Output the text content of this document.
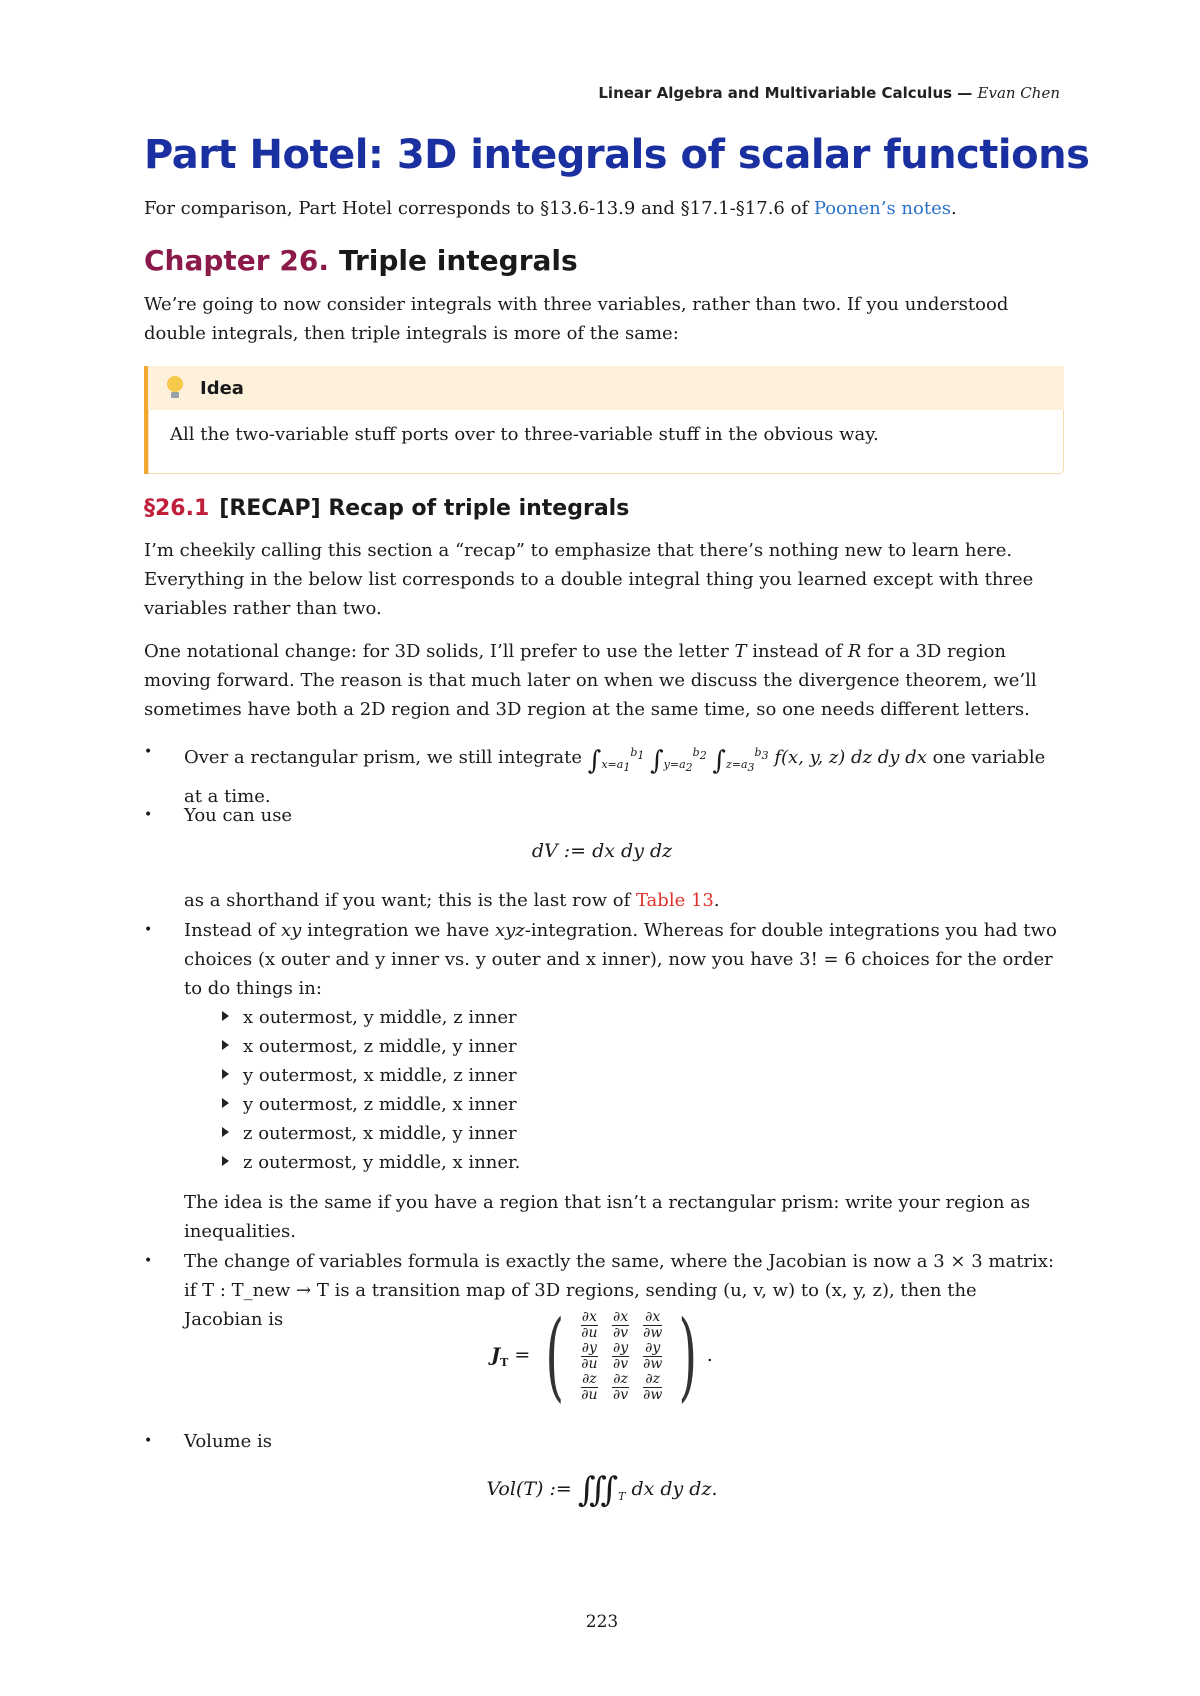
Linear Algebra and Multivariable Calculus — Evan Chen
Part Hotel: 3D integrals of scalar functions

For comparison, Part Hotel corresponds to §13.6-13.9 and §17.1-§17.6 of Poonen’s notes.

Chapter 26. Triple integrals

We’re going to now consider integrals with three variables, rather than two. If you understood double integrals, then triple integrals is more of the same:

Idea
All the two-variable stuff ports over to three-variable stuff in the obvious way.
§26.1 [RECAP] Recap of triple integrals

I’m cheekily calling this section a “recap” to emphasize that there’s nothing new to learn here. Everything in the below list corresponds to a double integral thing you learned except with three variables rather than two.

One notational change: for 3D solids, I’ll prefer to use the letter T instead of R for a 3D region moving forward. The reason is that much later on when we discuss the divergence theorem, we’ll sometimes have both a 2D region and 3D region at the same time, so one needs different letters.

• Over a rectangular prism, we still integrate $\int_{x=a_1}^{b_1}$ $\int_{y=a_2}^{b_2}$ $\int_{z=a_3}^{b_3}$ f(x, y, z) dz dy dx one variable at a time.
• You can use
dV := dx dy dz

as a shorthand if you want; this is the last row of Table 13.

• Instead of xy integration we have xyz-integration. Whereas for double integrations you had two choices (x outer and y inner vs. y outer and x inner), now you have 3! = 6 choices for the order to do things in:
x outermost, y middle, z inner
x outermost, z middle, y inner
y outermost, x middle, z inner
y outermost, z middle, x inner
z outermost, x middle, y inner
z outermost, y middle, x inner.

The idea is the same if you have a region that isn’t a rectangular prism: write your region as inequalities.

• The change of variables formula is exactly the same, where the Jacobian is now a 3 × 3 matrix: if T : T_new → T is a transition map of 3D regions, sending (u, v, w) to (x, y, z), then the Jacobian is
$J_T$ = ( $\frac{\partial x}{\partial u}$	$\frac{\partial x}{\partial v}$	$\frac{\partial x}{\partial w}$

$\frac{\partial y}{\partial u}$	$\frac{\partial y}{\partial v}$	$\frac{\partial y}{\partial w}$

$\frac{\partial z}{\partial u}$	$\frac{\partial z}{\partial v}$	$\frac{\partial z}{\partial w}$ ) .
• Volume is
Vol(T) := $∭_T$ dx dy dz.
223
